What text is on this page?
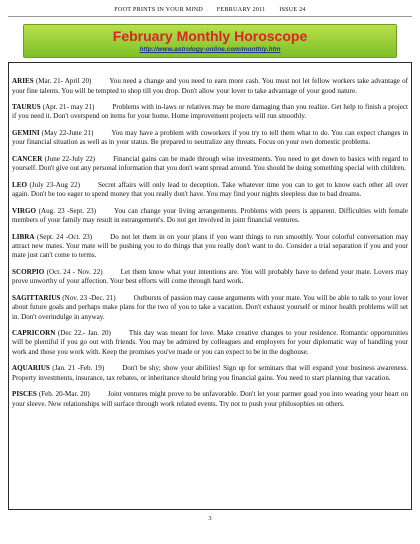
FOOT PRINTS IN YOUR MIND FEBRUARY 2011 ISSUE 24
February Monthly Horoscope
http://www.astrology-online.com/monthly.htm

ARIES (Mar. 21- April 20)	You need a change and you need to earn more cash. You must not let fellow workers take advantage of your fine talents. You will be tempted to shop till you drop. Don't allow your lover to take advantage of your good nature.

TAURUS (Apr. 21- may 21)	Problems with in-laws or relatives may be more damaging than you realize. Get help to finish a project if you need it. Don't overspend on items for your home. Home improvement projects will run smoothly.

GEMINI (May 22-June 21)	You may have a problem with coworkers if you try to tell them what to do. You can expect changes in your financial situation as well as in your status. Be prepared to neutralize any threats. Focus on your own domestic problems.

CANCER (June 22-July 22)	Financial gains can be made through wise investments. You need to get down to basics with regard to yourself. Don't give out any personal information that you don't want spread around. You should be doing something special with children.

LEO (July 23-Aug 22)	Secret affairs will only lead to deception. Take whatever time you can to get to know each other all over again. Don't be too eager to spend money that you really don't have. You may find your nights sleepless due to bad dreams.

VIRGO (Aug. 23 -Sept. 23)	You can change your living arrangements. Problems with peers is apparent. Difficulties with female members of your family may result in estrangement's. Do not get involved in joint financial ventures.

LIBRA (Sept. 24 -Oct. 23)	Do not let them in on your plans if you want things to run smoothly. Your colorful conversation may attract new mates. Your mate will be pushing you to do things that you really don't want to do. Consider a trial separation if you and your mate just can't come to terms.

SCORPIO (Oct. 24 - Nov. 22)	Let them know what your intentions are. You will probably have to defend your mate. Lovers may prove unworthy of your affection. Your best efforts will come through hard work.

SAGITTARIUS (Nov. 23 -Dec. 21)	Outbursts of passion may cause arguments with your mate. You will be able to talk to your lover about future goals and perhaps make plans for the two of you to take a vacation. Don't exhaust yourself or minor health problems will set in. Don't overindulge in anyway.

CAPRICORN (Dec 22.- Jan. 20)	This day was meant for love. Make creative changes to your residence. Romantic opportunities will be plentiful if you go out with friends. You may be admired by colleagues and employers for your diplomatic way of handling your work and those you work with. Keep the promises you've made or you can expect to be in the doghouse.

AQUARIUS (Jan. 21 -Feb. 19)	Don't be shy; show your abilities! Sign up for seminars that will expand your business awareness. Property investments, insurance, tax rebates, or inheritance should bring you financial gains. You need to start planning that vacation.

PISCES (Feb. 20-Mar. 20)	Joint ventures might prove to be unfavorable. Don't let your partner goad you into wearing your heart on your sleeve. New relationships will surface through work related events. Try not to push your philosophies on others.

3
